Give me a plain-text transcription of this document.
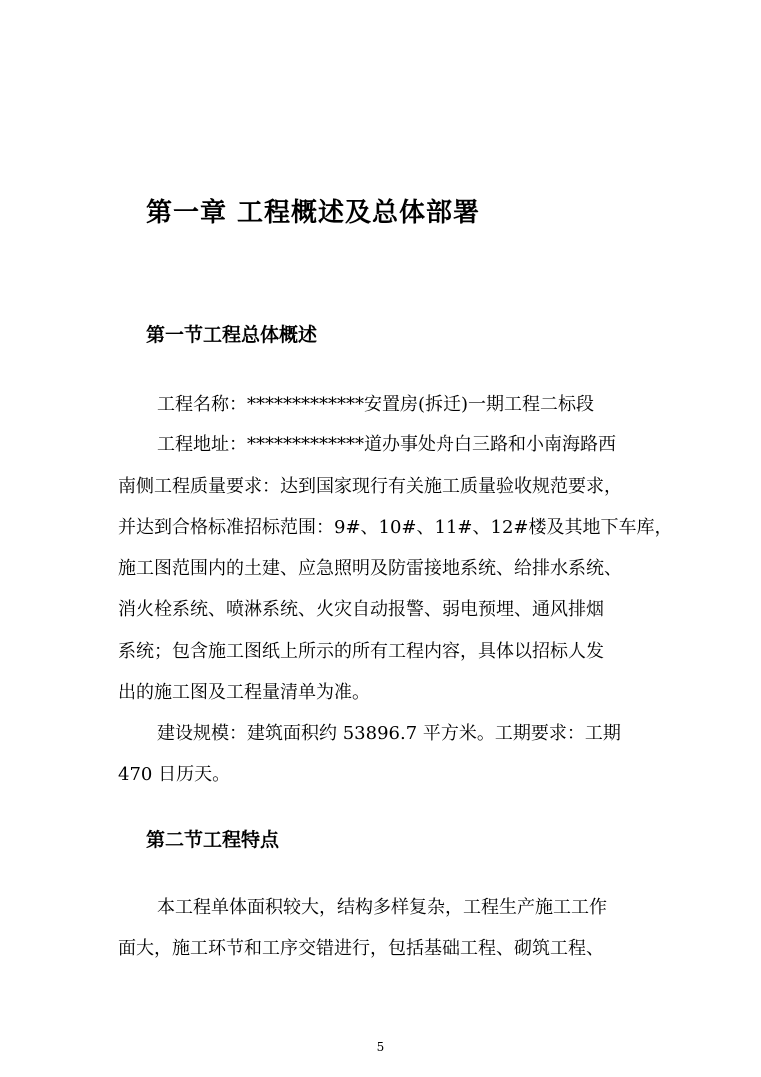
第一章 工程概述及总体部署
第一节工程总体概述

工程名称：*************安置房(拆迁)一期工程二标段

工程地址：*************道办事处舟白三路和小南海路西

南侧工程质量要求：达到国家现行有关施工质量验收规范要求，

并达到合格标准招标范围：9#、10#、11#、12#楼及其地下车库，

施工图范围内的土建、应急照明及防雷接地系统、给排水系统、

消火栓系统、喷淋系统、火灾自动报警、弱电预埋、通风排烟

系统；包含施工图纸上所示的所有工程内容，具体以招标人发

出的施工图及工程量清单为准。

建设规模：建筑面积约 53896.7 平方米。工期要求：工期

470 日历天。

第二节工程特点

本工程单体面积较大，结构多样复杂，工程生产施工工作

面大，施工环节和工序交错进行，包括基础工程、砌筑工程、

5
